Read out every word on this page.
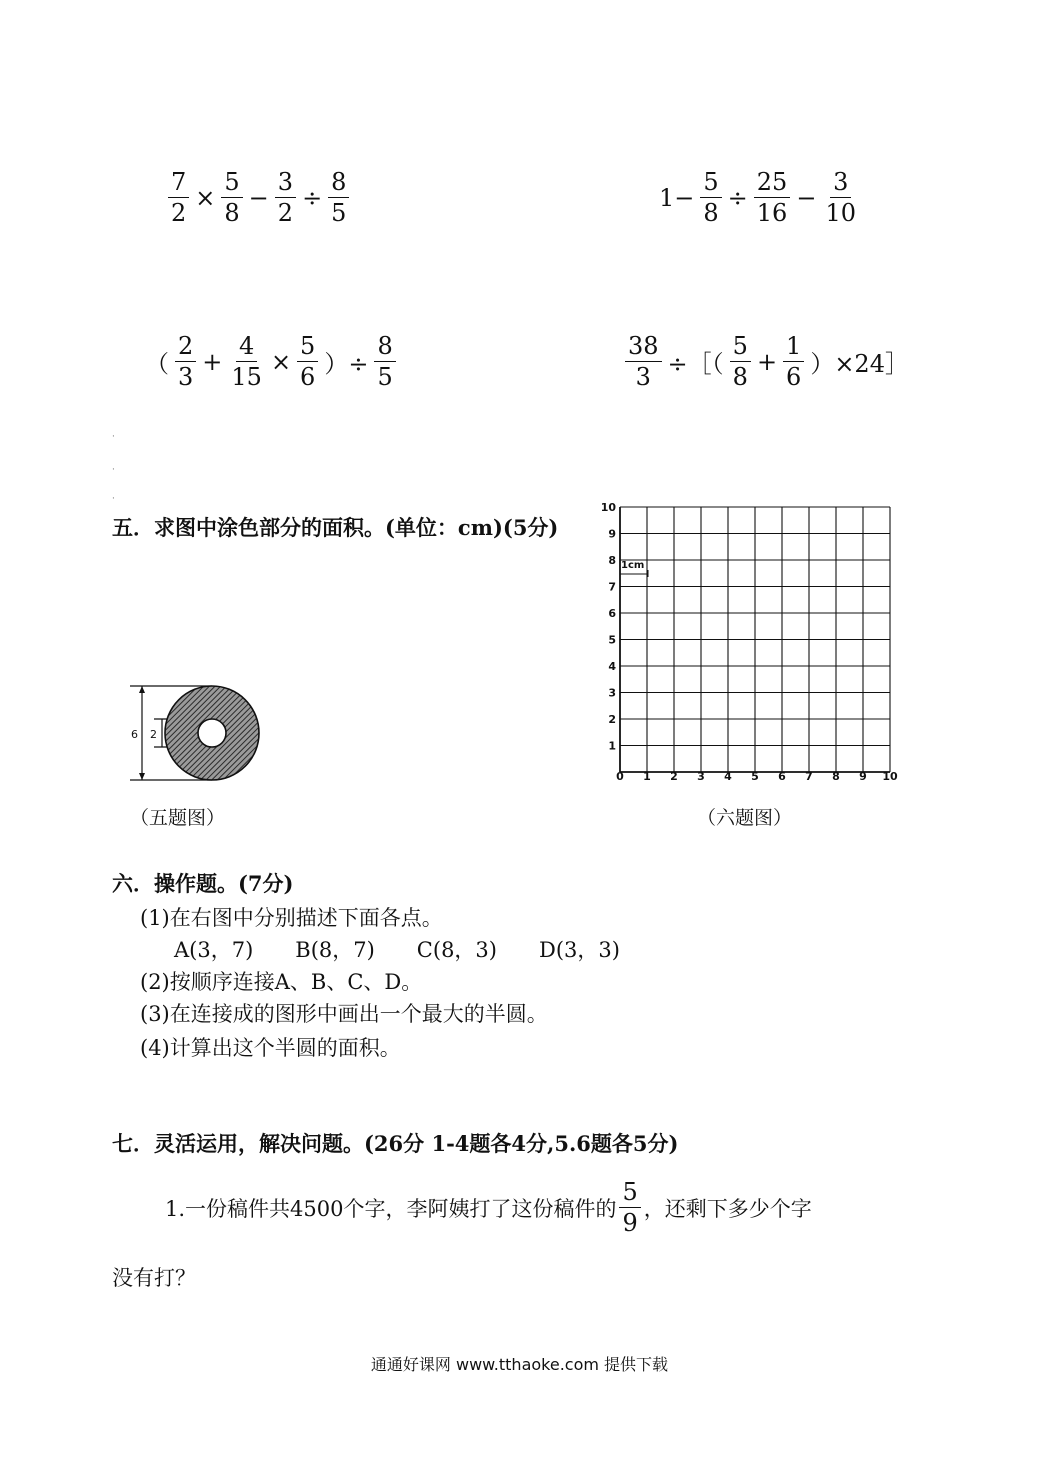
$\frac{7}{2} \times \frac{5}{8} - \frac{3}{2} \div \frac{8}{5}$	$1- \frac{5}{8} \div \frac{25}{16} - \frac{3}{10}$
（ $\frac{2}{3} + \frac{4}{15} \times \frac{5}{6}$ ）÷ $\frac{8}{5}$	$\frac{38}{3}$ ÷［（ $\frac{5}{8} + \frac{1}{6}$ ）×24］
·
·
·
五．求图中涂色部分的面积。(单位：cm)(5分)
6 2
（五题图）
1cm
0 1 2 3 4 5 6 7 8 9 10
1
2
3
4
5
6
7
8
9
10
（六题图）
六．操作题。(7分)
(1)在右图中分别描述下面各点。
A(3，7)　　B(8，7)　　C(8，3)　　D(3，3)
(2)按顺序连接A、B、C、D。
(3)在连接成的图形中画出一个最大的半圆。
(4)计算出这个半圆的面积。
七．灵活运用，解决问题。(26分 1-4题各4分,5.6题各5分)
1.一份稿件共4500个字，李阿姨打了这份稿件的 $\frac{5}{9}$ ，还剩下多少个字
没有打？
通通好课网 www.tthaoke.com 提供下载
